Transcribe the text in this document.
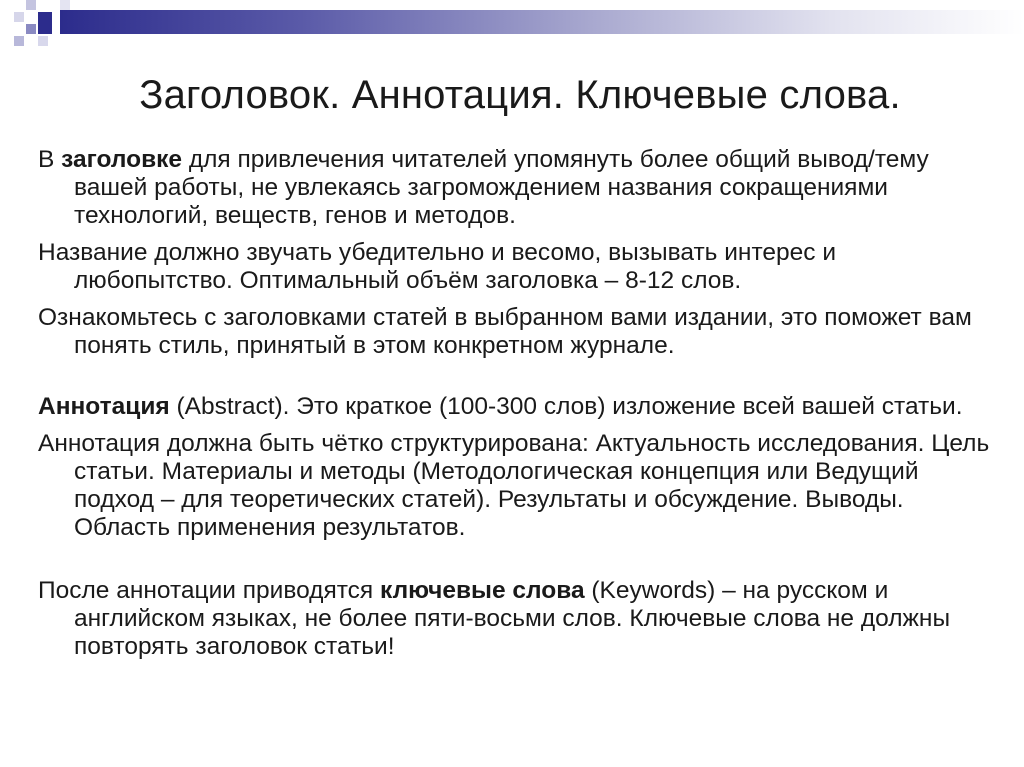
Заголовок. Аннотация. Ключевые слова.

В заголовке для привлечения читателей упомянуть более общий вывод/тему вашей работы, не увлекаясь загромождением названия сокращениями технологий, веществ, генов и методов.

Название должно звучать убедительно и весомо, вызывать интерес и любопытство. Оптимальный объём заголовка – 8-12 слов.

Ознакомьтесь с заголовками статей в выбранном вами издании, это поможет вам понять стиль, принятый в этом конкретном журнале.

Аннотация (Abstract). Это краткое (100-300 слов) изложение всей вашей статьи.

Аннотация должна быть чётко структурирована: Актуальность исследования. Цель статьи. Материалы и методы (Методологическая концепция или Ведущий подход – для теоретических статей). Результаты и обсуждение. Выводы. Область применения результатов.

После аннотации приводятся ключевые слова (Keywords) – на русском и английском языках, не более пяти-восьми слов. Ключевые слова не должны повторять заголовок статьи!
